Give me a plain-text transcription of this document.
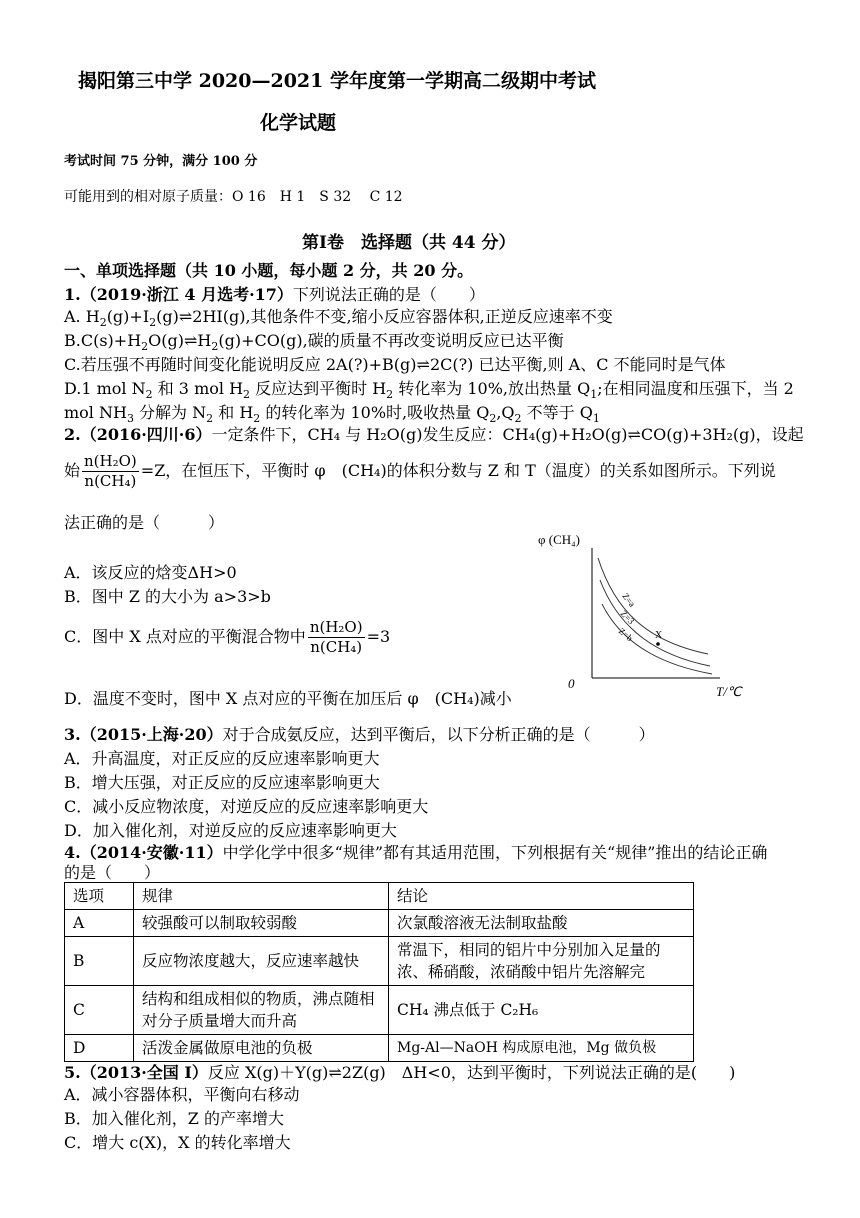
揭阳第三中学 2020—2021 学年度第一学期高二级期中考试
化学试题
考试时间 75 分钟，满分 100 分
可能用到的相对原子质量：O 16　H 1　S 32　 C 12
第Ⅰ卷　选择题（共 44 分）
一、单项选择题（共 10 小题，每小题 2 分，共 20 分。
1.（2019·浙江 4 月选考·17）下列说法正确的是（　　）
A. $H_2(g)+I_2(g)\rightleftharpoons 2HI(g)$,其他条件不变,缩小反应容器体积,正逆反应速率不变
$B.C(s)+H_2O(g)\rightleftharpoons H_2(g)+CO(g)$,碳的质量不再改变说明反应已达平衡
C.若压强不再随时间变化能说明反应 2A(?)+B(g)⇌2C(?) 已达平衡,则 A、C 不能同时是气体
D.1 mol $N_2$ 和 3 mol $H_2$ 反应达到平衡时 $H_2$ 转化率为 10%,放出热量 $Q_1$;在相同温度和压强下，当 2
mol $NH_3$ 分解为 $N_2$ 和 $H_2$ 的转化率为 10%时,吸收热量 $Q_2,Q_2$ 不等于 $Q_1$
2.（2016·四川·6）一定条件下，CH₄ 与 H₂O(g)发生反应：CH₄(g)+H₂O(g)⇌CO(g)+3H₂(g)，设起
始 $\frac{\text{n(H₂O)}}{\text{n(CH₄)}} =Z$，在恒压下，平衡时 φ　(CH₄)的体积分数与 Z 和 T（温度）的关系如图所示。下列说
法正确的是（　　　）
A．该反应的焓变ΔH>0
B．图中 Z 的大小为 a>3>b
C．图中 X 点对应的平衡混合物中 $\frac{\text{n(H₂O)}}{\text{n(CH₄)}} =3$
D．温度不变时，图中 X 点对应的平衡在加压后 φ　(CH₄)减小
φ (CH₄)
T/℃
0
Z=a
Z=3
Z=b X
3.（2015·上海·20）对于合成氨反应，达到平衡后，以下分析正确的是（　　　）
A．升高温度，对正反应的反应速率影响更大
B．增大压强，对正反应的反应速率影响更大
C．减小反应物浓度，对逆反应的反应速率影响更大
D．加入催化剂，对逆反应的反应速率影响更大
4.（2014·安徽·11）中学化学中很多“规律”都有其适用范围，下列根据有关“规律”推出的结论正确
的是（　　）
选项	规律	结论
A	较强酸可以制取较弱酸	次氯酸溶液无法制取盐酸
B	反应物浓度越大，反应速率越快	常温下，相同的铝片中分别加入足量的浓、稀硝酸，浓硝酸中铝片先溶解完
C	结构和组成相似的物质，沸点随相对分子质量增大而升高	CH₄ 沸点低于 C₂H₆
D	活泼金属做原电池的负极	Mg-Al—NaOH 构成原电池，Mg 做负极
5.（2013·全国 I）反应 X(g)＋Y(g)⇌2Z(g)　ΔH<0，达到平衡时，下列说法正确的是(　　)
A．减小容器体积，平衡向右移动
B．加入催化剂，Z 的产率增大
C．增大 c(X)，X 的转化率增大
